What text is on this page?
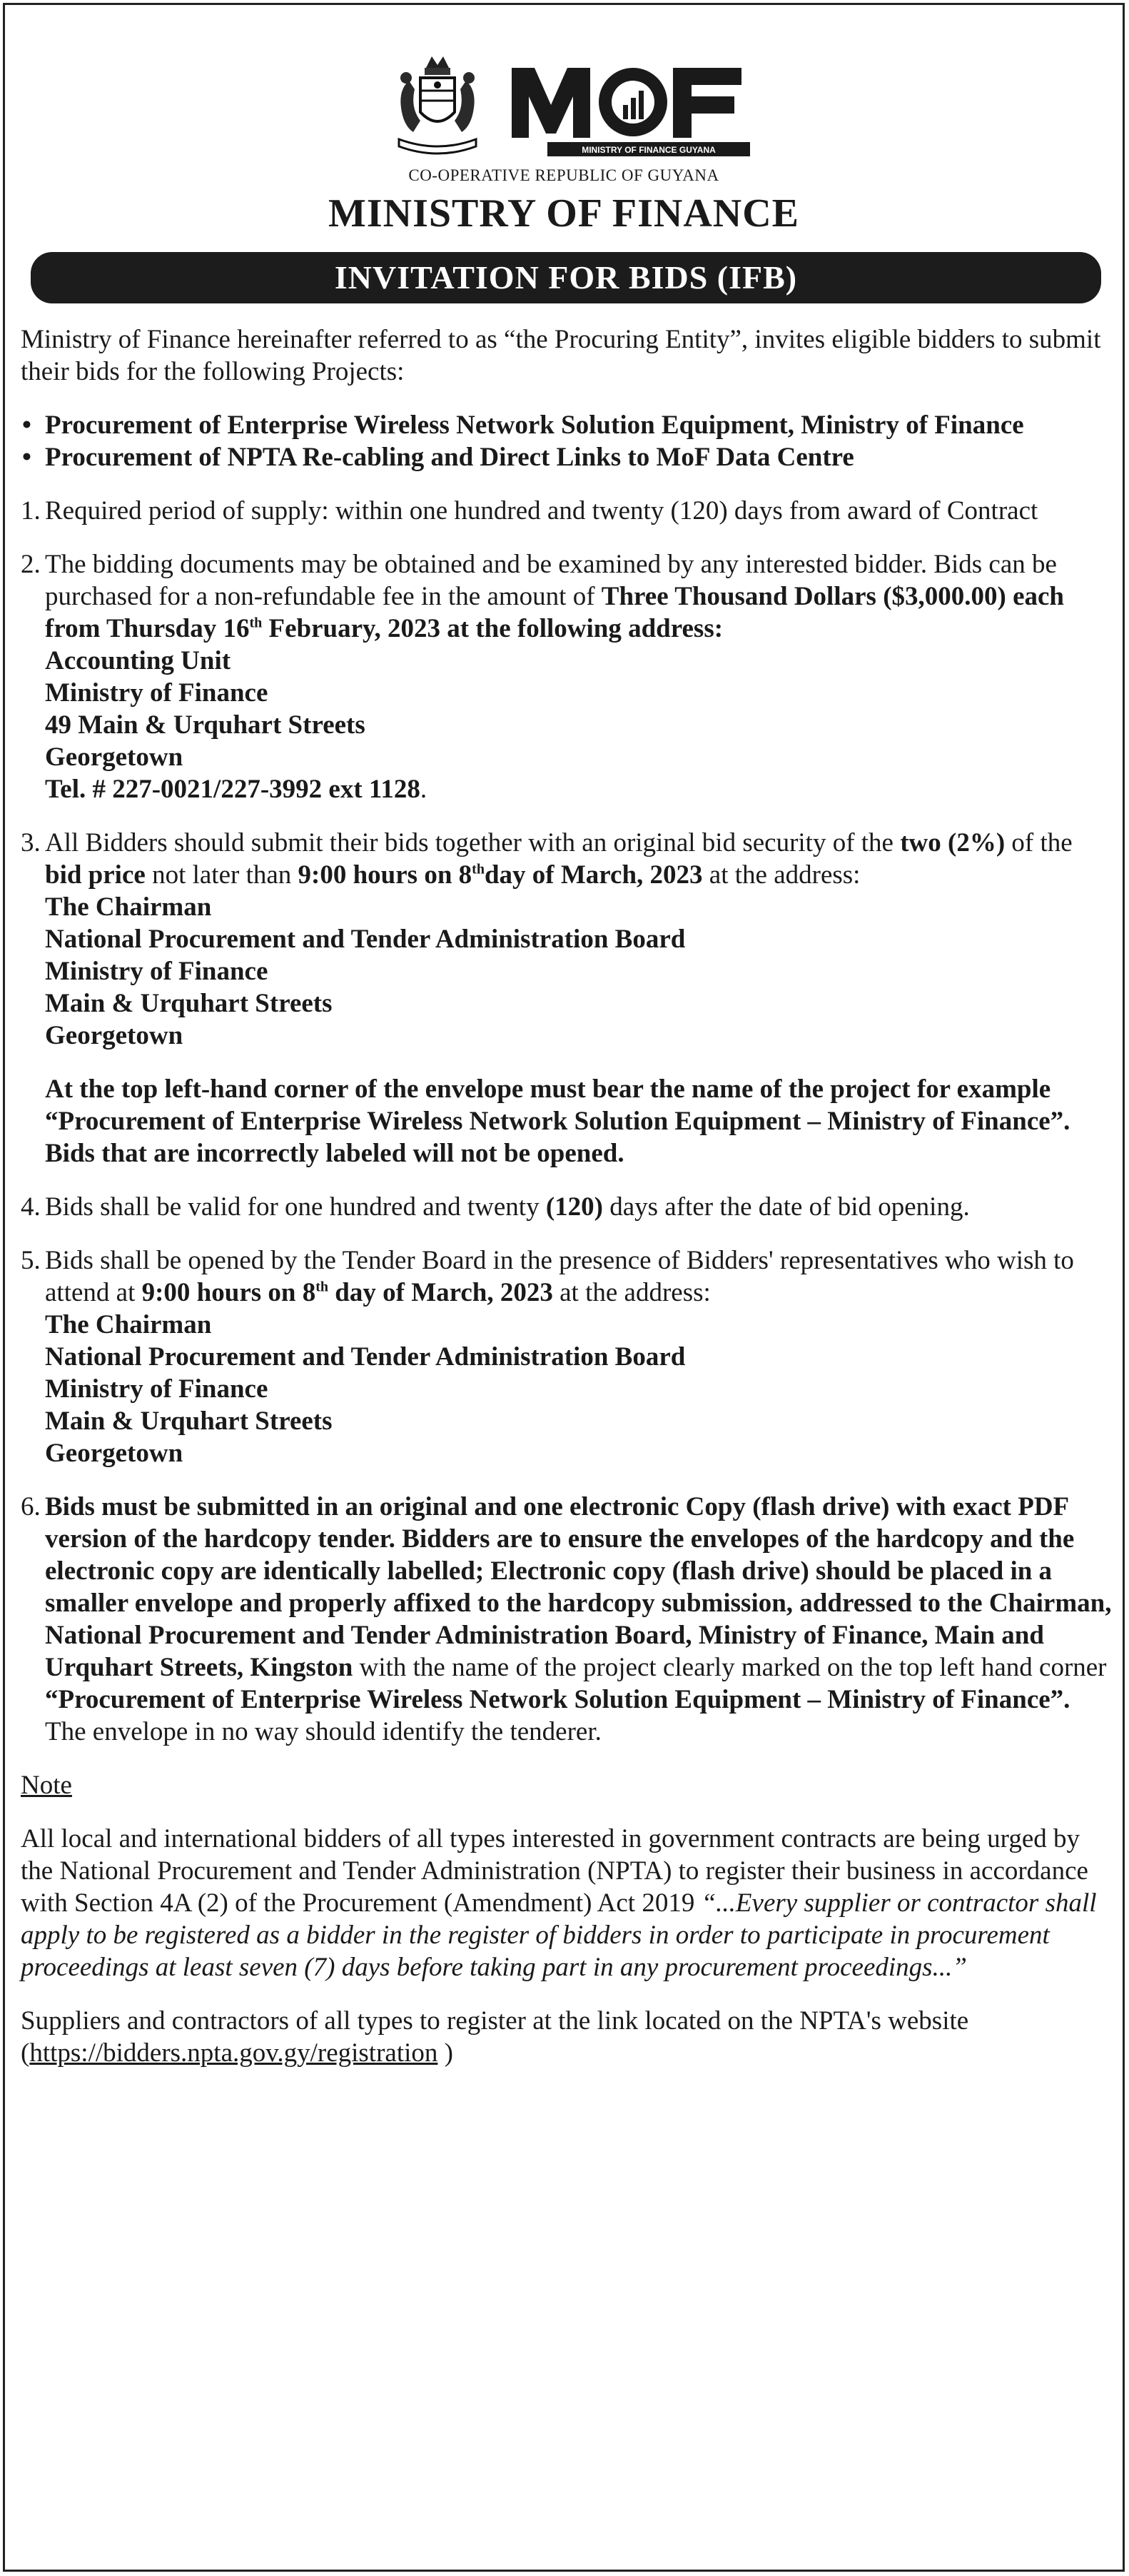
MINISTRY OF FINANCE GUYANA
CO-OPERATIVE REPUBLIC OF GUYANA
MINISTRY OF FINANCE
INVITATION FOR BIDS (IFB)

Ministry of Finance hereinafter referred to as “the Procuring Entity”, invites eligible bidders to submit their bids for the following Projects:

• Procurement of Enterprise Wireless Network Solution Equipment, Ministry of Finance
• Procurement of NPTA Re-cabling and Direct Links to MoF Data Centre
1. Required period of supply: within one hundred and twenty (120) days from award of Contract
2. The bidding documents may be obtained and be examined by any interested bidder. Bids can be purchased for a non-refundable fee in the amount of Three Thousand Dollars ($3,000.00) each from Thursday 16th February, 2023 at the following address:
Accounting Unit
Ministry of Finance
49 Main & Urquhart Streets
Georgetown
Tel. # 227-0021/227-3992 ext 1128.
3. All Bidders should submit their bids together with an original bid security of the two (2%) of the bid price not later than 9:00 hours on 8thday of March, 2023 at the address:
The Chairman
National Procurement and Tender Administration Board
Ministry of Finance
Main & Urquhart Streets
Georgetown
At the top left-hand corner of the envelope must bear the name of the project for example “Procurement of Enterprise Wireless Network Solution Equipment – Ministry of Finance”. Bids that are incorrectly labeled will not be opened.
4. Bids shall be valid for one hundred and twenty (120) days after the date of bid opening.
5. Bids shall be opened by the Tender Board in the presence of Bidders' representatives who wish to attend at 9:00 hours on 8th day of March, 2023 at the address:
The Chairman
National Procurement and Tender Administration Board
Ministry of Finance
Main & Urquhart Streets
Georgetown
6. Bids must be submitted in an original and one electronic Copy (flash drive) with exact PDF version of the hardcopy tender. Bidders are to ensure the envelopes of the hardcopy and the electronic copy are identically labelled; Electronic copy (flash drive) should be placed in a smaller envelope and properly affixed to the hardcopy submission, addressed to the Chairman, National Procurement and Tender Administration Board, Ministry of Finance, Main and Urquhart Streets, Kingston with the name of the project clearly marked on the top left hand corner “Procurement of Enterprise Wireless Network Solution Equipment – Ministry of Finance”.
The envelope in no way should identify the tenderer.

Note

All local and international bidders of all types interested in government contracts are being urged by the National Procurement and Tender Administration (NPTA) to register their business in accordance with Section 4A (2) of the Procurement (Amendment) Act 2019 “...Every supplier or contractor shall apply to be registered as a bidder in the register of bidders in order to participate in procurement proceedings at least seven (7) days before taking part in any procurement proceedings...”

Suppliers and contractors of all types to register at the link located on the NPTA's website (https://bidders.npta.gov.gy/registration )
